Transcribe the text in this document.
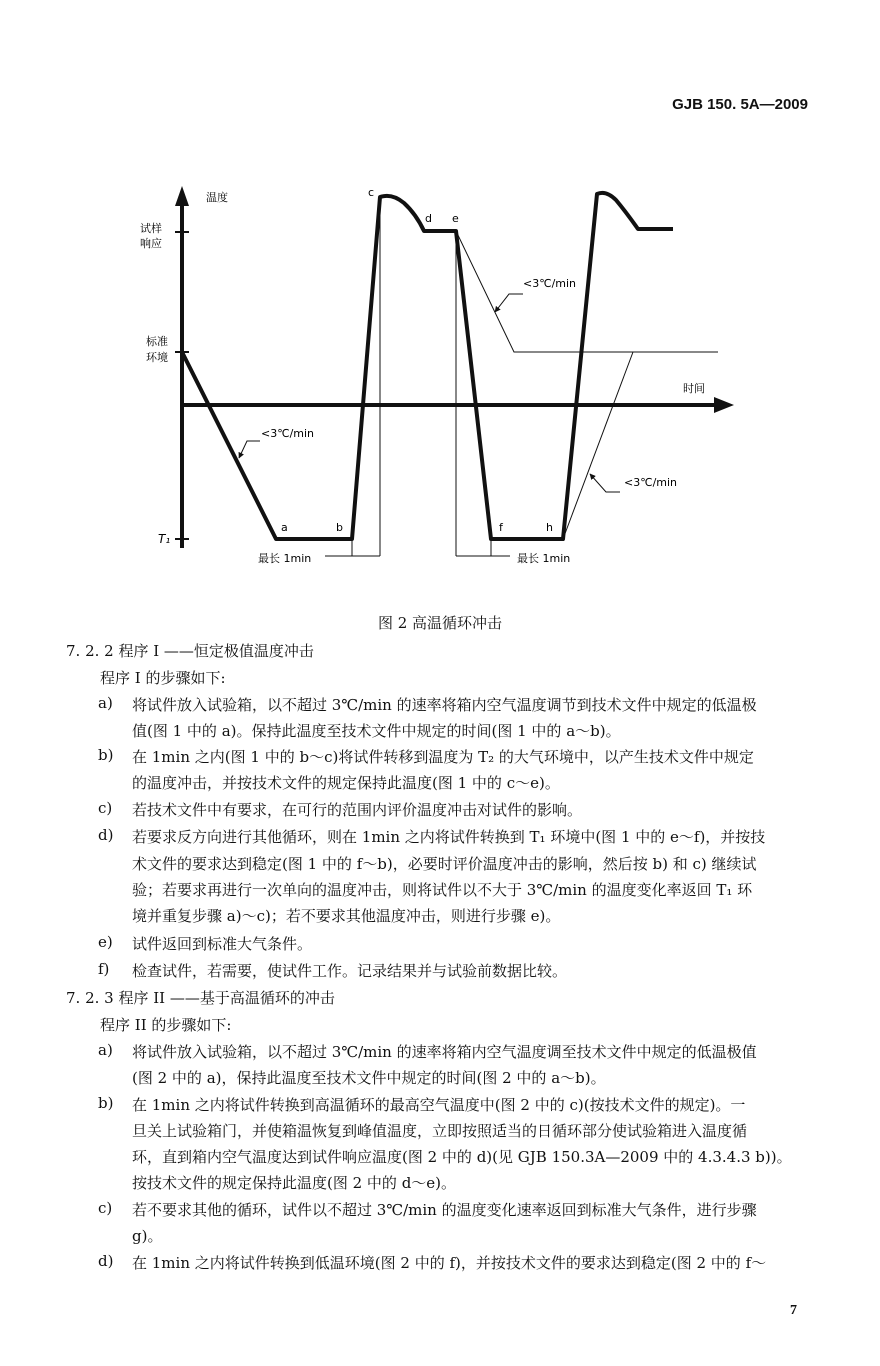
GJB 150. 5A—2009
温度
时间
试样
响应
标准
环境
T₁
<3℃/min
<3℃/min
<3℃/min
c
d e
a	b	f	h
最长 1min	最长 1min
图 2 高温循环冲击
7. 2. 2 程序 I ——恒定极值温度冲击
程序 I 的步骤如下:
a) 将试件放入试验箱，以不超过 3℃/min 的速率将箱内空气温度调节到技术文件中规定的低温极
值(图 1 中的 a)。保持此温度至技术文件中规定的时间(图 1 中的 a～b)。
b) 在 1min 之内(图 1 中的 b～c)将试件转移到温度为 T₂ 的大气环境中，以产生技术文件中规定
的温度冲击，并按技术文件的规定保持此温度(图 1 中的 c～e)。
c) 若技术文件中有要求，在可行的范围内评价温度冲击对试件的影响。
d) 若要求反方向进行其他循环，则在 1min 之内将试件转换到 T₁ 环境中(图 1 中的 e～f)，并按技
术文件的要求达到稳定(图 1 中的 f～b)，必要时评价温度冲击的影响，然后按 b) 和 c) 继续试
验；若要求再进行一次单向的温度冲击，则将试件以不大于 3℃/min 的温度变化率返回 T₁ 环
境并重复步骤 a)～c)；若不要求其他温度冲击，则进行步骤 e)。
e) 试件返回到标准大气条件。
f) 检查试件，若需要，使试件工作。记录结果并与试验前数据比较。
7. 2. 3 程序 II ——基于高温循环的冲击
程序 II 的步骤如下:
a) 将试件放入试验箱，以不超过 3℃/min 的速率将箱内空气温度调至技术文件中规定的低温极值
(图 2 中的 a)，保持此温度至技术文件中规定的时间(图 2 中的 a～b)。
b) 在 1min 之内将试件转换到高温循环的最高空气温度中(图 2 中的 c)(按技术文件的规定)。一
旦关上试验箱门，并使箱温恢复到峰值温度，立即按照适当的日循环部分使试验箱进入温度循
环，直到箱内空气温度达到试件响应温度(图 2 中的 d)(见 GJB 150.3A—2009 中的 4.3.4.3 b))。
按技术文件的规定保持此温度(图 2 中的 d～e)。
c) 若不要求其他的循环，试件以不超过 3℃/min 的温度变化速率返回到标准大气条件，进行步骤
g)。
d) 在 1min 之内将试件转换到低温环境(图 2 中的 f)，并按技术文件的要求达到稳定(图 2 中的 f～
7
